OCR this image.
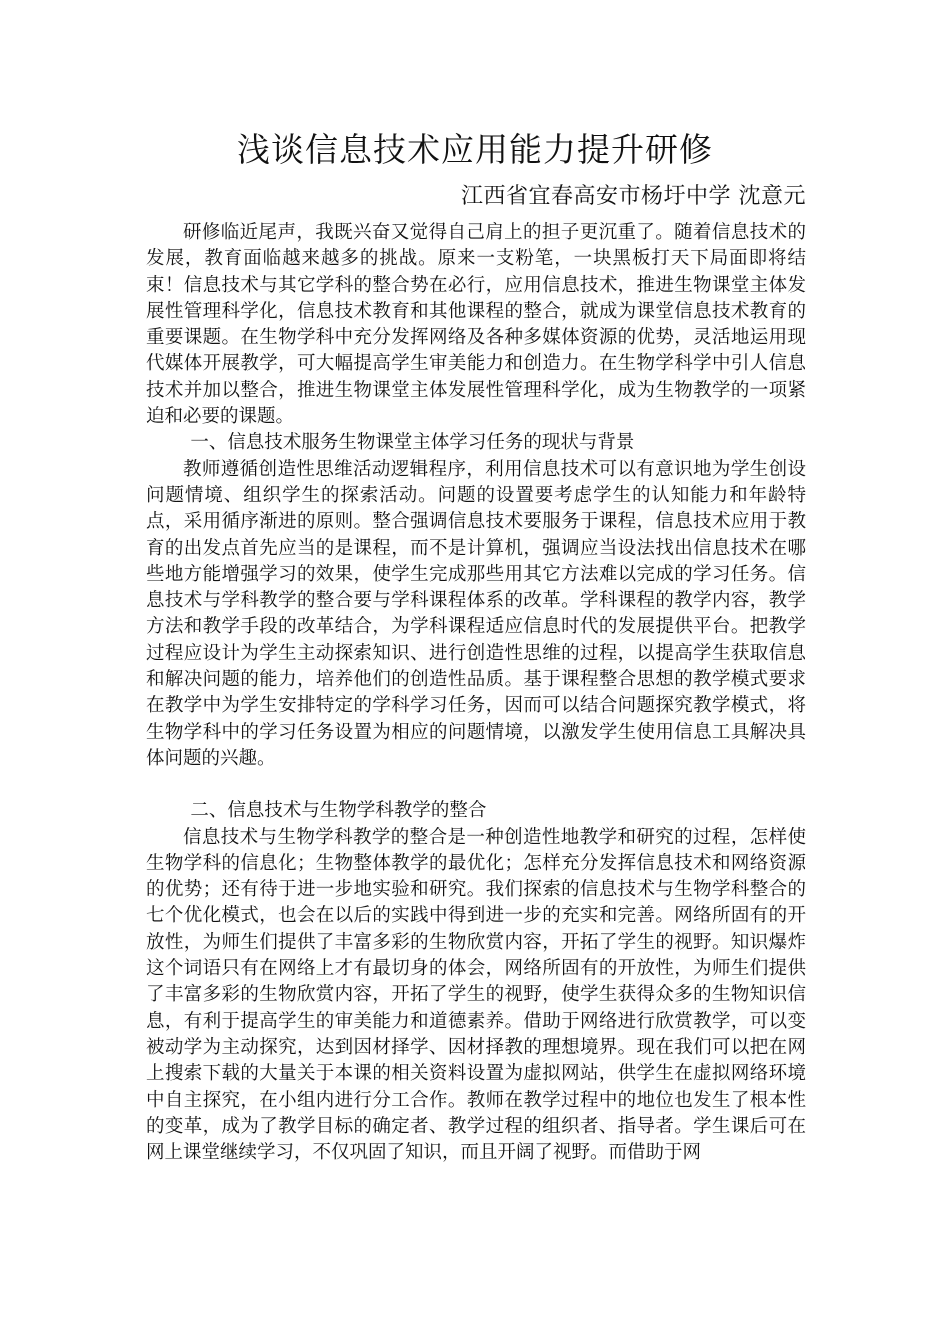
浅谈信息技术应用能力提升研修
江西省宜春高安市杨圩中学 沈意元

研修临近尾声，我既兴奋又觉得自己肩上的担子更沉重了。随着信息技术的发展，教育面临越来越多的挑战。原来一支粉笔，一块黑板打天下局面即将结束！信息技术与其它学科的整合势在必行，应用信息技术，推进生物课堂主体发展性管理科学化，信息技术教育和其他课程的整合，就成为课堂信息技术教育的重要课题。在生物学科中充分发挥网络及各种多媒体资源的优势，灵活地运用现代媒体开展教学，可大幅提高学生审美能力和创造力。在生物学科学中引人信息技术并加以整合，推进生物课堂主体发展性管理科学化，成为生物教学的一项紧迫和必要的课题。

一、信息技术服务生物课堂主体学习任务的现状与背景

教师遵循创造性思维活动逻辑程序，利用信息技术可以有意识地为学生创设问题情境、组织学生的探索活动。问题的设置要考虑学生的认知能力和年龄特点，采用循序渐进的原则。整合强调信息技术要服务于课程，信息技术应用于教育的出发点首先应当的是课程，而不是计算机，强调应当设法找出信息技术在哪些地方能增强学习的效果，使学生完成那些用其它方法难以完成的学习任务。信息技术与学科教学的整合要与学科课程体系的改革。学科课程的教学内容，教学方法和教学手段的改革结合，为学科课程适应信息时代的发展提供平台。把教学过程应设计为学生主动探索知识、进行创造性思维的过程，以提高学生获取信息和解决问题的能力，培养他们的创造性品质。基于课程整合思想的教学模式要求在教学中为学生安排特定的学科学习任务，因而可以结合问题探究教学模式，将生物学科中的学习任务设置为相应的问题情境，以激发学生使用信息工具解决具体问题的兴趣。

二、信息技术与生物学科教学的整合

信息技术与生物学科教学的整合是一种创造性地教学和研究的过程，怎样使生物学科的信息化；生物整体教学的最优化；怎样充分发挥信息技术和网络资源的优势；还有待于进一步地实验和研究。我们探索的信息技术与生物学科整合的七个优化模式，也会在以后的实践中得到进一步的充实和完善。网络所固有的开放性，为师生们提供了丰富多彩的生物欣赏内容，开拓了学生的视野。知识爆炸这个词语只有在网络上才有最切身的体会，网络所固有的开放性，为师生们提供了丰富多彩的生物欣赏内容，开拓了学生的视野，使学生获得众多的生物知识信息，有利于提高学生的审美能力和道德素养。借助于网络进行欣赏教学，可以变被动学为主动探究，达到因材择学、因材择教的理想境界。现在我们可以把在网上搜索下载的大量关于本课的相关资料设置为虚拟网站，供学生在虚拟网络环境中自主探究，在小组内进行分工合作。教师在教学过程中的地位也发生了根本性的变革，成为了教学目标的确定者、教学过程的组织者、指导者。学生课后可在网上课堂继续学习，不仅巩固了知识，而且开阔了视野。而借助于网
